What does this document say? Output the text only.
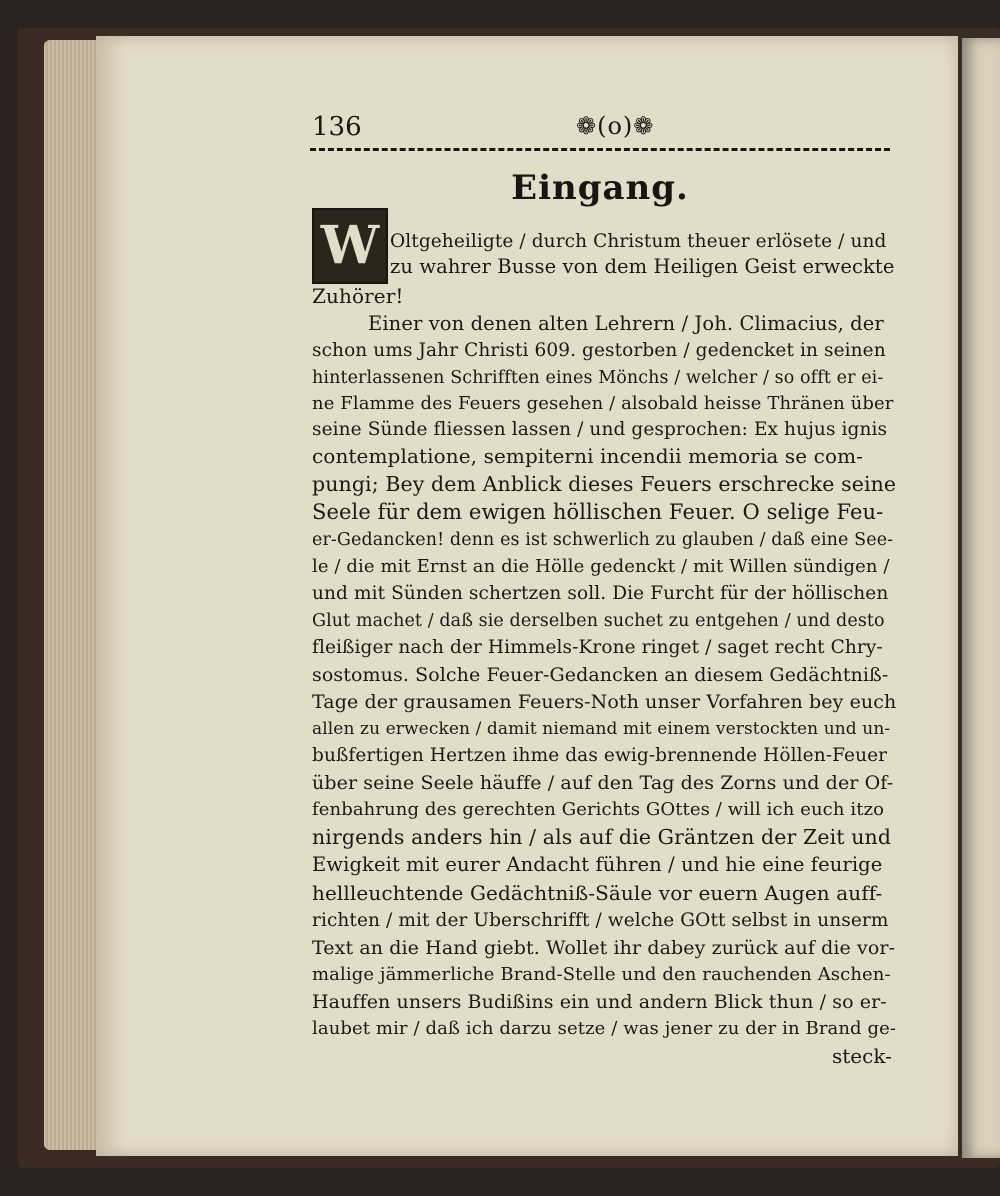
136	❁(o)❁
Eingang.
W Oltgeheiligte / durch Christum theuer erlösete / und
zu wahrer Busse von dem Heiligen Geist erweckte
Zuhörer!
Einer von denen alten Lehrern / Joh. Climacius, der
schon ums Jahr Christi 609. gestorben / gedencket in seinen
hinterlassenen Schrifften eines Mönchs / welcher / so offt er ei-
ne Flamme des Feuers gesehen / alsobald heisse Thränen über
seine Sünde fliessen lassen / und gesprochen: Ex hujus ignis
contemplatione, sempiterni incendii memoria se com-
pungi; Bey dem Anblick dieses Feuers erschrecke seine
Seele für dem ewigen höllischen Feuer. O selige Feu-
er-Gedancken! denn es ist schwerlich zu glauben / daß eine See-
le / die mit Ernst an die Hölle gedenckt / mit Willen sündigen /
und mit Sünden schertzen soll. Die Furcht für der höllischen
Glut machet / daß sie derselben suchet zu entgehen / und desto
fleißiger nach der Himmels-Krone ringet / saget recht Chry-
sostomus. Solche Feuer-Gedancken an diesem Gedächtniß-
Tage der grausamen Feuers-Noth unser Vorfahren bey euch
allen zu erwecken / damit niemand mit einem verstockten und un-
bußfertigen Hertzen ihme das ewig-brennende Höllen-Feuer
über seine Seele häuffe / auf den Tag des Zorns und der Of-
fenbahrung des gerechten Gerichts GOttes / will ich euch itzo
nirgends anders hin / als auf die Gräntzen der Zeit und
Ewigkeit mit eurer Andacht führen / und hie eine feurige
hellleuchtende Gedächtniß-Säule vor euern Augen auff-
richten / mit der Uberschrifft / welche GOtt selbst in unserm
Text an die Hand giebt. Wollet ihr dabey zurück auf die vor-
malige jämmerliche Brand-Stelle und den rauchenden Aschen-
Hauffen unsers Budißins ein und andern Blick thun / so er-
laubet mir / daß ich darzu setze / was jener zu der in Brand ge-
steck-
